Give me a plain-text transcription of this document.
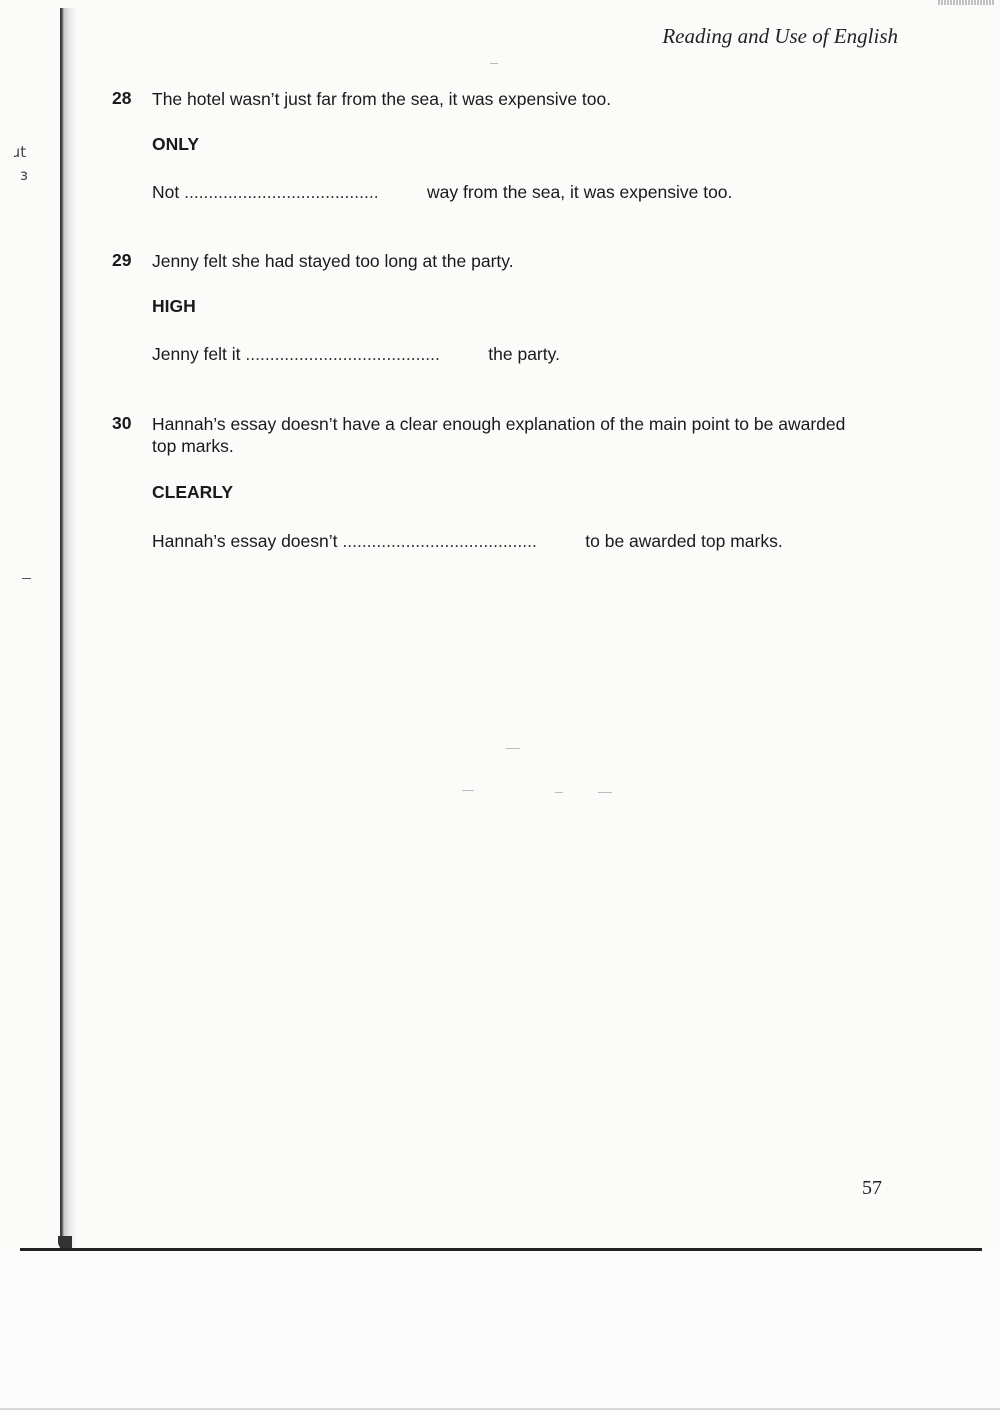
ɹt
ɜ
Reading and Use of English
28 The hotel wasn’t just far from the sea, it was expensive too.
ONLY
Not ........................................	way from the sea, it was expensive too.
29 Jenny felt she had stayed too long at the party.
HIGH
Jenny felt it ........................................	the party.
30 Hannah’s essay doesn’t have a clear enough explanation of the main point to be awarded top marks.
CLEARLY
Hannah’s essay doesn’t ........................................	to be awarded top marks.
57
